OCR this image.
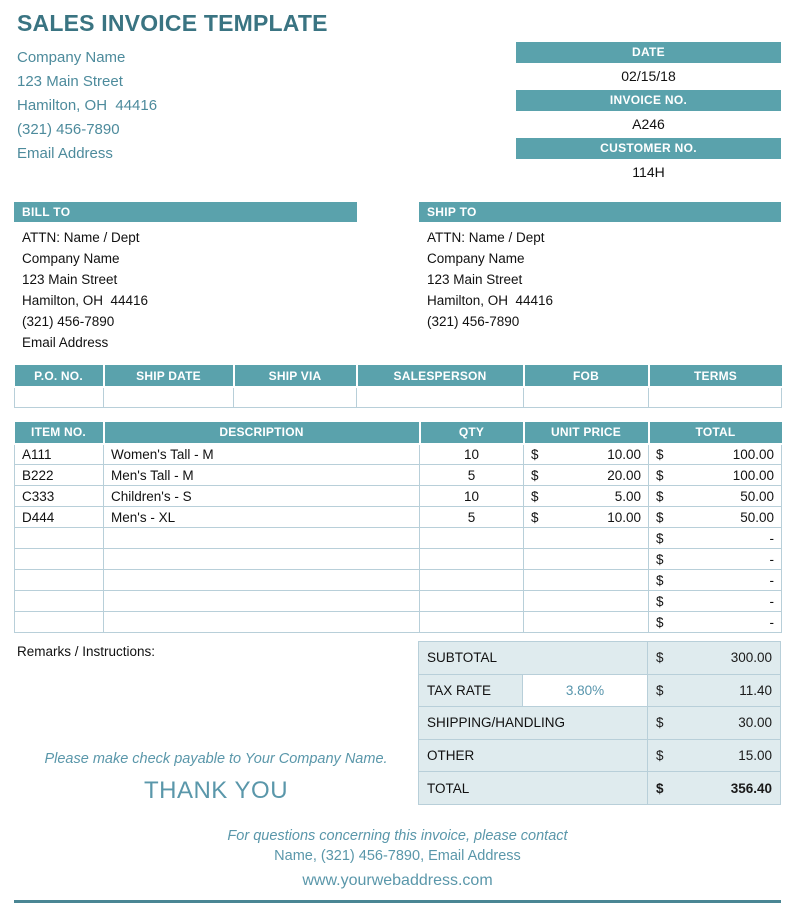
SALES INVOICE TEMPLATE
Company Name
123 Main Street
Hamilton, OH  44416
(321) 456-7890
Email Address
DATE
02/15/18
INVOICE NO.
A246
CUSTOMER NO.
114H
BILL TO
ATTN: Name / Dept
Company Name
123 Main Street
Hamilton, OH  44416
(321) 456-7890
Email Address
SHIP TO
ATTN: Name / Dept
Company Name
123 Main Street
Hamilton, OH  44416
(321) 456-7890
P.O. NO.	SHIP DATE	SHIP VIA	SALESPERSON	FOB	TERMS

ITEM NO.	DESCRIPTION	QTY	UNIT PRICE	TOTAL
A111	Women's Tall - M	10	$ 10.00	$ 100.00

B222	Men's Tall - M	5	$ 20.00	$ 100.00

C333	Children's - S	10	$ 5.00	$ 50.00

D444	Men's - XL	5	$ 10.00	$ 50.00

				$ -

				$ -

				$ -

				$ -

				$ -
Remarks / Instructions:
Please make check payable to Your Company Name.
THANK YOU
SUBTOTAL		$ 300.00

TAX RATE	3.80%	$ 11.40

SHIPPING/HANDLING		$ 30.00

OTHER		$ 15.00

TOTAL		$ 356.40
For questions concerning this invoice, please contact
Name, (321) 456-7890, Email Address
www.yourwebaddress.com
